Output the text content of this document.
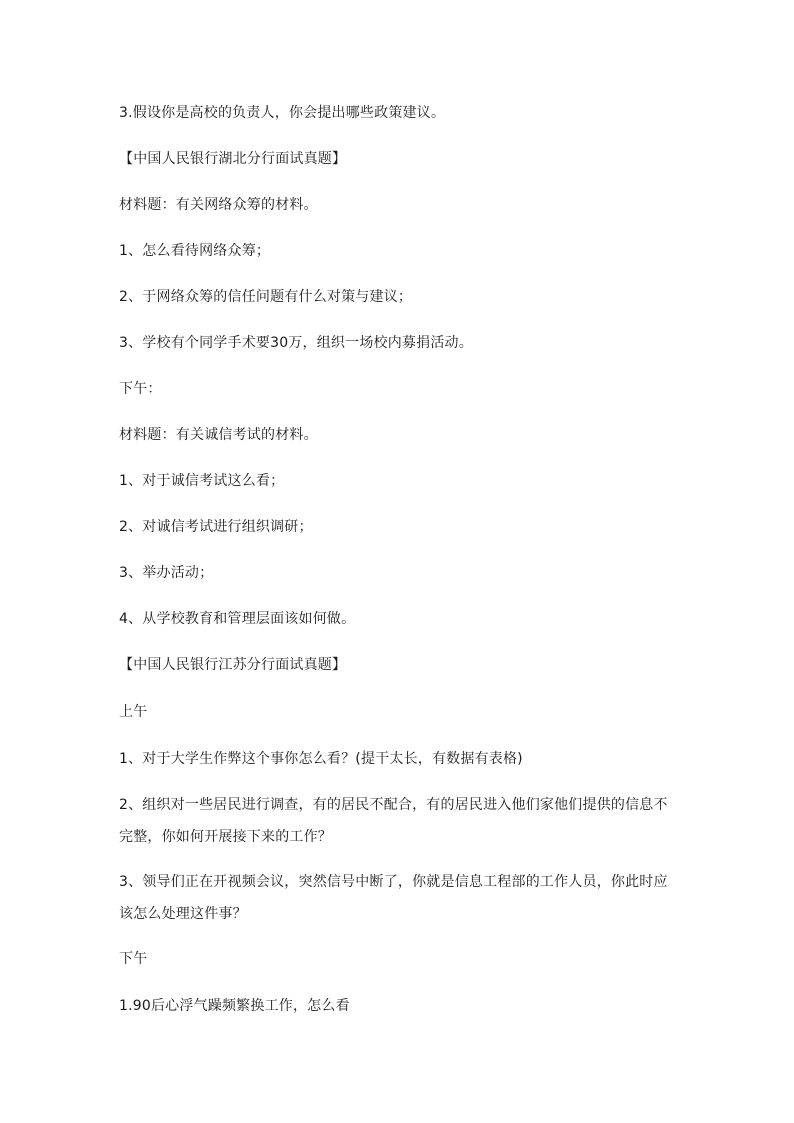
3.假设你是高校的负责人，你会提出哪些政策建议。
【中国人民银行湖北分行面试真题】
材料题：有关网络众筹的材料。
1、怎么看待网络众筹；
2、于网络众筹的信任问题有什么对策与建议；
3、学校有个同学手术要30万，组织一场校内募捐活动。
下午：
材料题：有关诚信考试的材料。
1、对于诚信考试这么看；
2、对诚信考试进行组织调研；
3、举办活动；
4、从学校教育和管理层面该如何做。
【中国人民银行江苏分行面试真题】
上午
1、对于大学生作弊这个事你怎么看？(提干太长，有数据有表格)
2、组织对一些居民进行调查，有的居民不配合，有的居民进入他们家他们提供的信息不完整，你如何开展接下来的工作？
3、领导们正在开视频会议，突然信号中断了，你就是信息工程部的工作人员，你此时应该怎么处理这件事？
下午
1.90后心浮气躁频繁换工作，怎么看
